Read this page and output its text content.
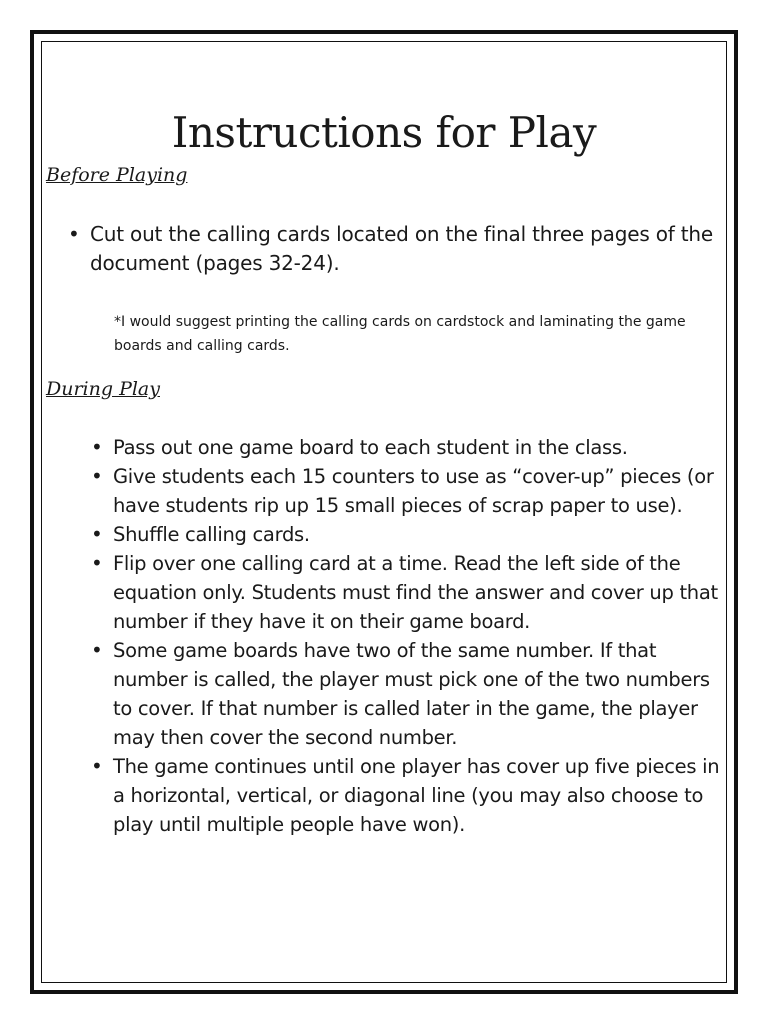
Instructions for Play
Before Playing
• Cut out the calling cards located on the final three pages of the document (pages 32-24).

*I would suggest printing the calling cards on cardstock and laminating the game boards and calling cards.

During Play
• Pass out one game board to each student in the class.
• Give students each 15 counters to use as “cover-up” pieces (or have students rip up 15 small pieces of scrap paper to use).
• Shuffle calling cards.
• Flip over one calling card at a time. Read the left side of the equation only. Students must find the answer and cover up that number if they have it on their game board.
• Some game boards have two of the same number. If that number is called, the player must pick one of the two numbers to cover. If that number is called later in the game, the player may then cover the second number.
• The game continues until one player has cover up five pieces in a horizontal, vertical, or diagonal line (you may also choose to play until multiple people have won).
